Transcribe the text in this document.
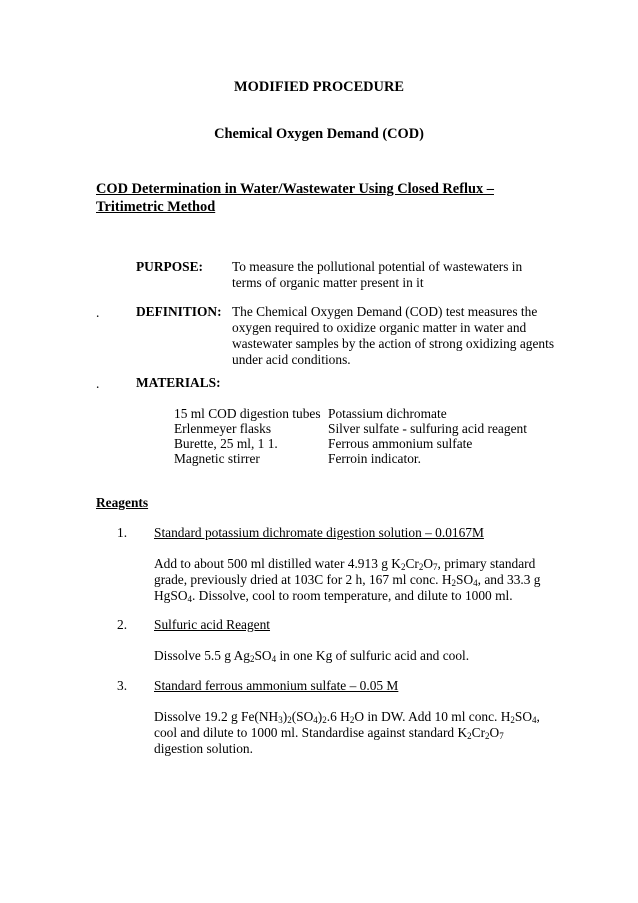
MODIFIED PROCEDURE
Chemical Oxygen Demand (COD)
COD Determination in Water/Wastewater Using Closed Reflux –
Tritimetric Method
PURPOSE: To measure the pollutional potential of wastewaters in
terms of organic matter present in it
.	DEFINITION: The Chemical Oxygen Demand (COD) test measures the
oxygen required to oxidize organic matter in water and
wastewater samples by the action of strong oxidizing agents
under acid conditions.
.	MATERIALS:
15 ml COD digestion tubes
Erlenmeyer flasks
Burette, 25 ml, 1 1.
Magnetic stirrer
Potassium dichromate
Silver sulfate - sulfuring acid reagent
Ferrous ammonium sulfate
Ferroin indicator.
Reagents
1. Standard potassium dichromate digestion solution – 0.0167M
Add to about 500 ml distilled water 4.913 g $K_2Cr_2O_7$, primary standard
grade, previously dried at 103C for 2 h, 167 ml conc. $H_2SO_4$, and 33.3 g
HgSO$_4$. Dissolve, cool to room temperature, and dilute to 1000 ml.
2. Sulfuric acid Reagent
Dissolve 5.5 g $Ag_2SO_4$ in one Kg of sulfuric acid and cool.
3. Standard ferrous ammonium sulfate – 0.05 M
Dissolve 19.2 g $Fe(NH_3)_2(SO_4)_2.6$ $H_2O$ in DW. Add 10 ml conc. $H_2SO_4$,
cool and dilute to 1000 ml. Standardise against standard $K_2Cr_2O_7$
digestion solution.
